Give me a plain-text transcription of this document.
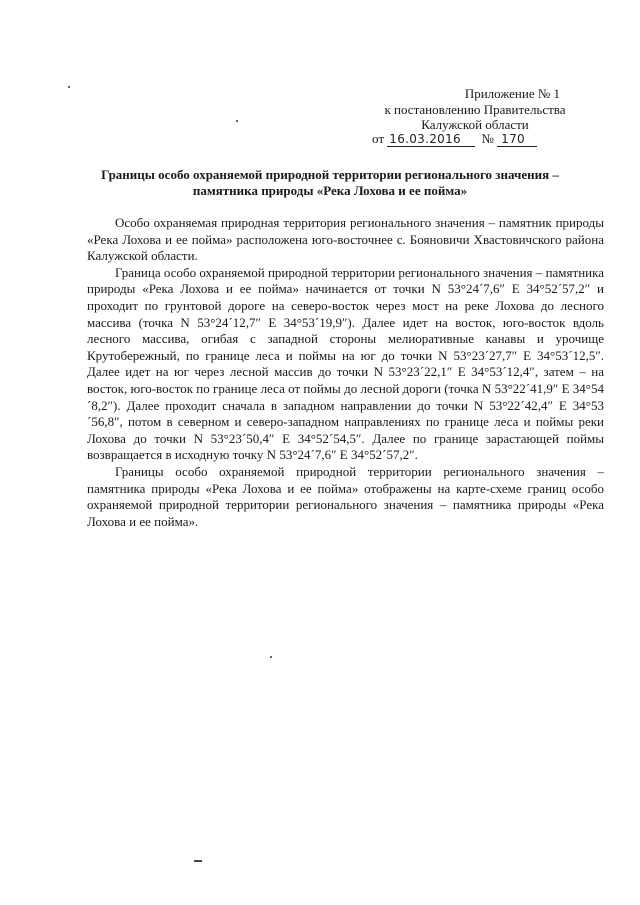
Приложение № 1
к постановлению Правительства
Калужской области
от 16.03.2016 № 170
Границы особо охраняемой природной территории регионального значения –
памятника природы «Река Лохова и ее пойма»

Особо охраняемая природная территория регионального значения – памятник природы «Река Лохова и ее пойма» расположена юго-восточнее с. Бояновичи Хвастовичского района Калужской области.

Граница особо охраняемой природной территории регионального значения – памятника природы «Река Лохова и ее пойма» начинается от точки N 53°24´7,6″ E 34°52´57,2″ и проходит по грунтовой дороге на северо-восток через мост на реке Лохова до лесного массива (точка N 53°24´12,7″ E 34°53´19,9″). Далее идет на восток, юго-восток вдоль лесного массива, огибая с западной стороны мелиоративные канавы и урочище Крутобережный, по границе леса и поймы на юг до точки N 53°23´27,7″ E 34°53´12,5″. Далее идет на юг через лесной массив до точки N 53°23´22,1″ E 34°53´12,4″, затем – на восток, юго-восток по границе леса от поймы до лесной дороги (точка N 53°22´41,9″ E 34°54´8,2″). Далее проходит сначала в западном направлении до точки N 53°22´42,4″ E 34°53´56,8″, потом в северном и северо-западном направлениях по границе леса и поймы реки Лохова до точки N 53°23´50,4″ E 34°52´54,5″. Далее по границе зарастающей поймы возвращается в исходную точку N 53°24´7,6″ E 34°52´57,2″.

Границы особо охраняемой природной территории регионального значения – памятника природы «Река Лохова и ее пойма» отображены на карте-схеме границ особо охраняемой природной территории регионального значения – памятника природы «Река Лохова и ее пойма».
